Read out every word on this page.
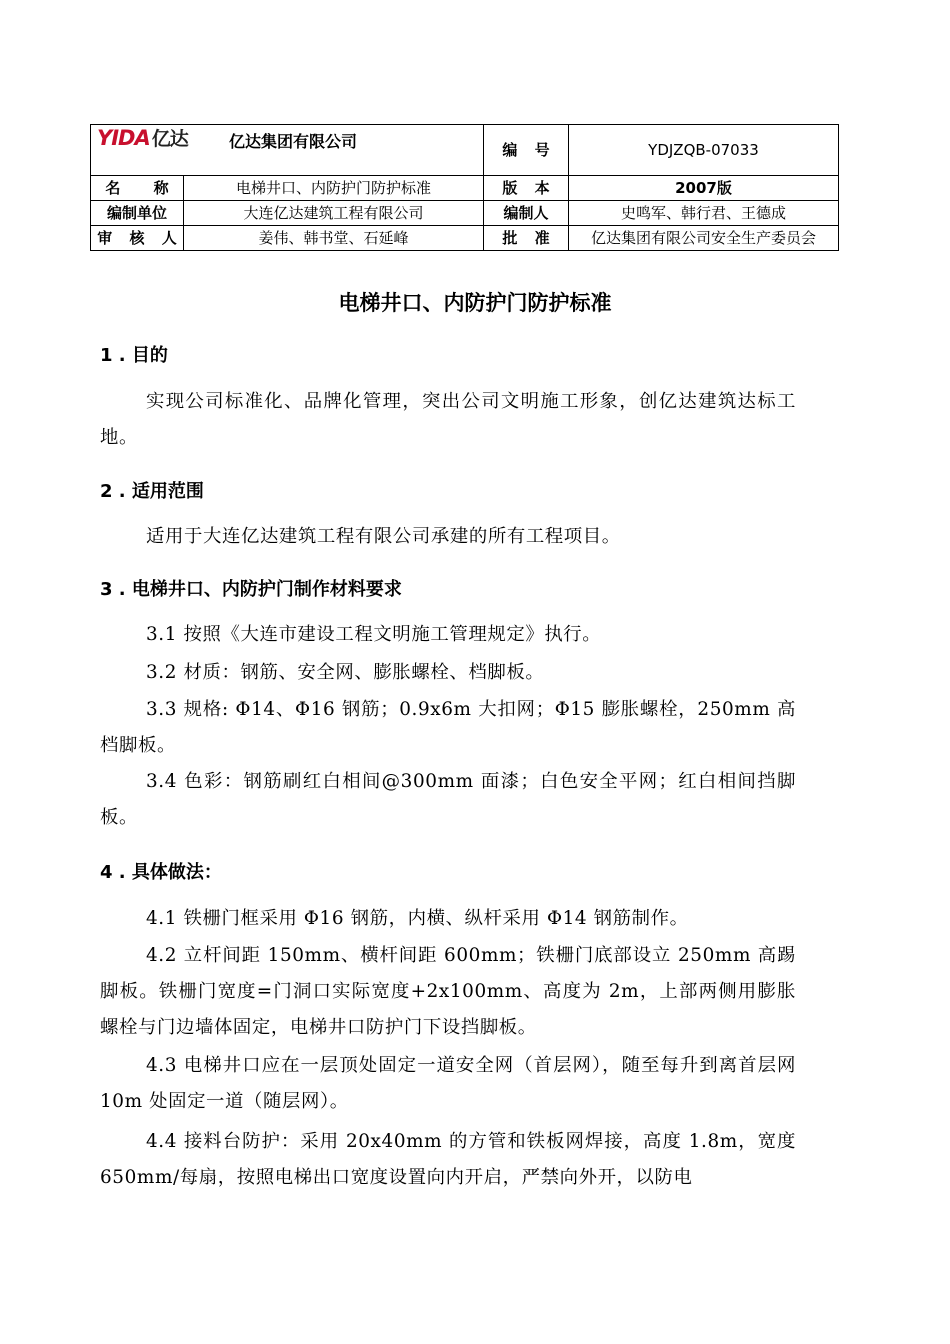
YIDA 亿达 亿达集团有限公司		编 号	YDJZQB-07033
名 称	电梯井口、内防护门防护标准	版 本	2007版
编制单位	大连亿达建筑工程有限公司	编制人	史鸣军、韩行君、王德成
审 核 人	姜伟、韩书堂、石延峰	批 准	亿达集团有限公司安全生产委员会
电梯井口、内防护门防护标准
1 . 目的
实现公司标准化、品牌化管理，突出公司文明施工形象，创亿达建筑达标工地。
2 . 适用范围
适用于大连亿达建筑工程有限公司承建的所有工程项目。
3 . 电梯井口、内防护门制作材料要求
3.1 按照《大连市建设工程文明施工管理规定》执行。
3.2 材质：钢筋、安全网、膨胀螺栓、档脚板。
3.3 规格: Φ14、Φ16 钢筋；0.9x6m 大扣网；Φ15 膨胀螺栓，250mm 高档脚板。
3.4 色彩：钢筋刷红白相间@300mm 面漆；白色安全平网；红白相间挡脚板。
4 . 具体做法：
4.1 铁栅门框采用 Φ16 钢筋，内横、纵杆采用 Φ14 钢筋制作。
4.2 立杆间距 150mm、横杆间距 600mm；铁栅门底部设立 250mm 高踢脚板。铁栅门宽度=门洞口实际宽度+2x100mm、高度为 2m，上部两侧用膨胀螺栓与门边墙体固定，电梯井口防护门下设挡脚板。
4.3 电梯井口应在一层顶处固定一道安全网（首层网），随至每升到离首层网 10m 处固定一道（随层网）。
4.4 接料台防护：采用 20x40mm 的方管和铁板网焊接，高度 1.8m，宽度 650mm/每扇，按照电梯出口宽度设置向内开启，严禁向外开，以防电
